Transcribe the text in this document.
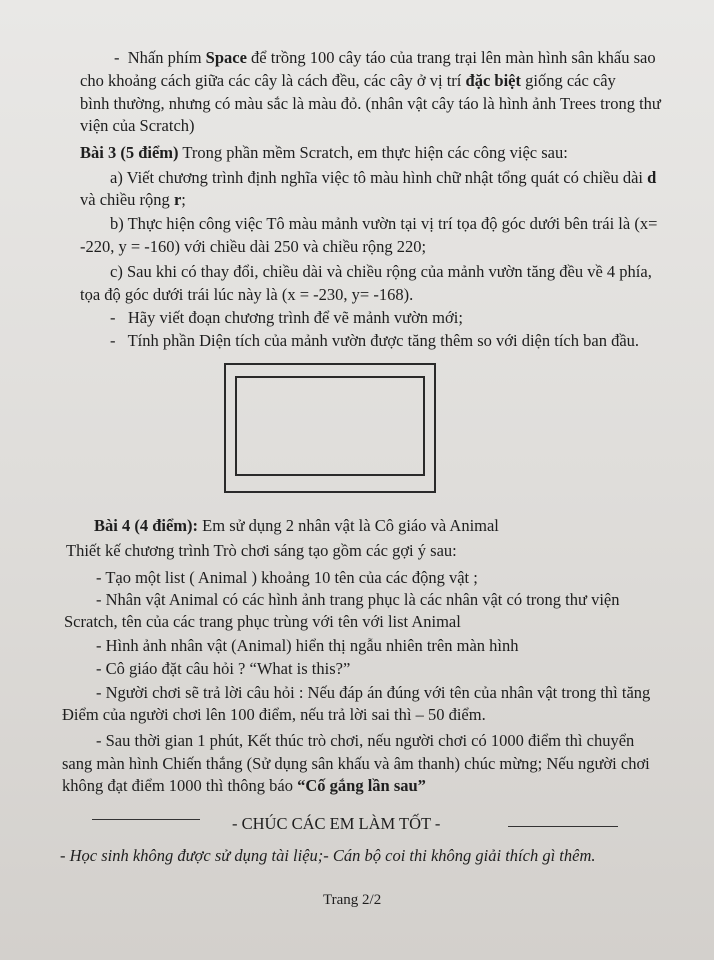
-  Nhấn phím Space để trồng 100 cây táo của trang trại lên màn hình sân khấu sao
cho khoảng cách giữa các cây là cách đều, các cây ở vị trí đặc biệt giống các cây
bình thường, nhưng có màu sắc là màu đỏ. (nhân vật cây táo là hình ảnh Trees trong thư
viện của Scratch)
Bài 3 (5 điểm) Trong phần mềm Scratch, em thực hiện các công việc sau:
a) Viết chương trình định nghĩa việc tô màu hình chữ nhật tổng quát có chiều dài d
và chiều rộng r;
b) Thực hiện công việc Tô màu mảnh vườn tại vị trí tọa độ góc dưới bên trái là (x=
-220, y = -160) với chiều dài 250 và chiều rộng 220;
c) Sau khi có thay đổi, chiều dài và chiều rộng của mảnh vườn tăng đều về 4 phía,
tọa độ góc dưới trái lúc này là (x = -230, y= -168).
-   Hãy viết đoạn chương trình để vẽ mảnh vườn mới;
-   Tính phần Diện tích của mảnh vườn được tăng thêm so với diện tích ban đầu.
Bài 4 (4 điểm): Em sử dụng 2 nhân vật là Cô giáo và Animal
Thiết kế chương trình Trò chơi sáng tạo gồm các gợi ý sau:
- Tạo một list ( Animal ) khoảng 10 tên của các động vật ;
- Nhân vật Animal có các hình ảnh trang phục là các nhân vật có trong thư viện
Scratch, tên của các trang phục trùng với tên với list Animal
- Hình ảnh nhân vật (Animal) hiển thị ngẫu nhiên trên màn hình
- Cô giáo đặt câu hỏi ? “What is this?”
- Người chơi sẽ trả lời câu hỏi : Nếu đáp án đúng với tên của nhân vật trong thì tăng
Điểm của người chơi lên 100 điểm, nếu trả lời sai thì – 50 điểm.
- Sau thời gian 1 phút, Kết thúc trò chơi, nếu người chơi có 1000 điểm thì chuyển
sang màn hình Chiến thắng (Sử dụng sân khấu và âm thanh) chúc mừng; Nếu người chơi
không đạt điểm 1000 thì thông báo “Cố gắng lần sau”
- CHÚC CÁC EM LÀM TỐT -
- Học sinh không được sử dụng tài liệu;- Cán bộ coi thi không giải thích gì thêm.
Trang 2/2
